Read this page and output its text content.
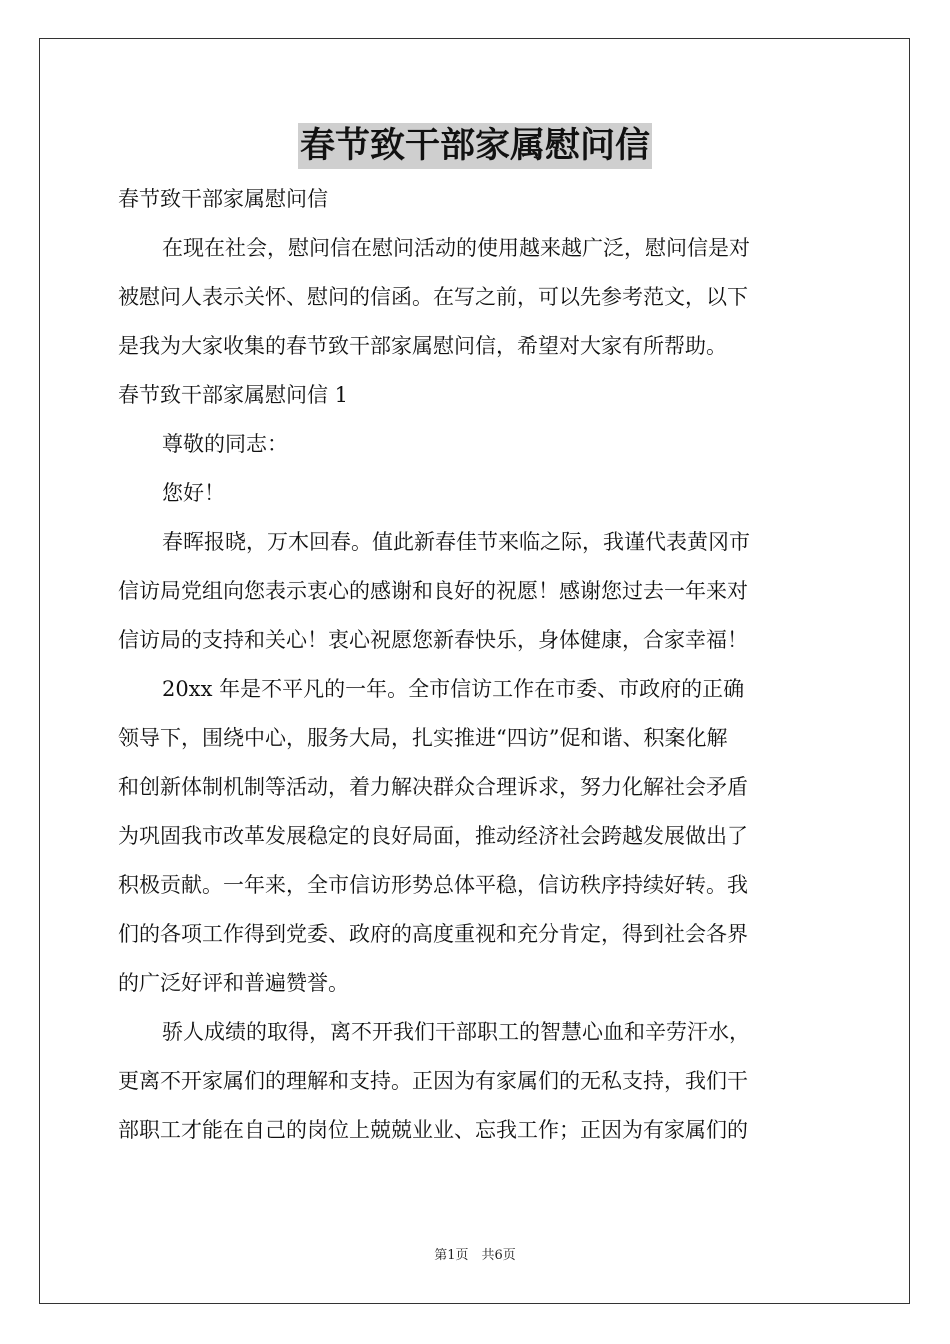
春节致干部家属慰问信
春节致干部家属慰问信
在现在社会，慰问信在慰问活动的使用越来越广泛，慰问信是对
被慰问人表示关怀、慰问的信函。在写之前，可以先参考范文，以下
是我为大家收集的春节致干部家属慰问信，希望对大家有所帮助。
春节致干部家属慰问信 1
尊敬的同志：
您好！
春晖报晓，万木回春。值此新春佳节来临之际，我谨代表黄冈市
信访局党组向您表示衷心的感谢和良好的祝愿！感谢您过去一年来对
信访局的支持和关心！衷心祝愿您新春快乐，身体健康，合家幸福！
20xx 年是不平凡的一年。全市信访工作在市委、市政府的正确
领导下，围绕中心，服务大局，扎实推进“四访”促和谐、积案化解
和创新体制机制等活动，着力解决群众合理诉求，努力化解社会矛盾
为巩固我市改革发展稳定的良好局面，推动经济社会跨越发展做出了
积极贡献。一年来，全市信访形势总体平稳，信访秩序持续好转。我
们的各项工作得到党委、政府的高度重视和充分肯定，得到社会各界
的广泛好评和普遍赞誉。
骄人成绩的取得，离不开我们干部职工的智慧心血和辛劳汗水，
更离不开家属们的理解和支持。正因为有家属们的无私支持，我们干
部职工才能在自己的岗位上兢兢业业、忘我工作；正因为有家属们的
第1页　共6页
